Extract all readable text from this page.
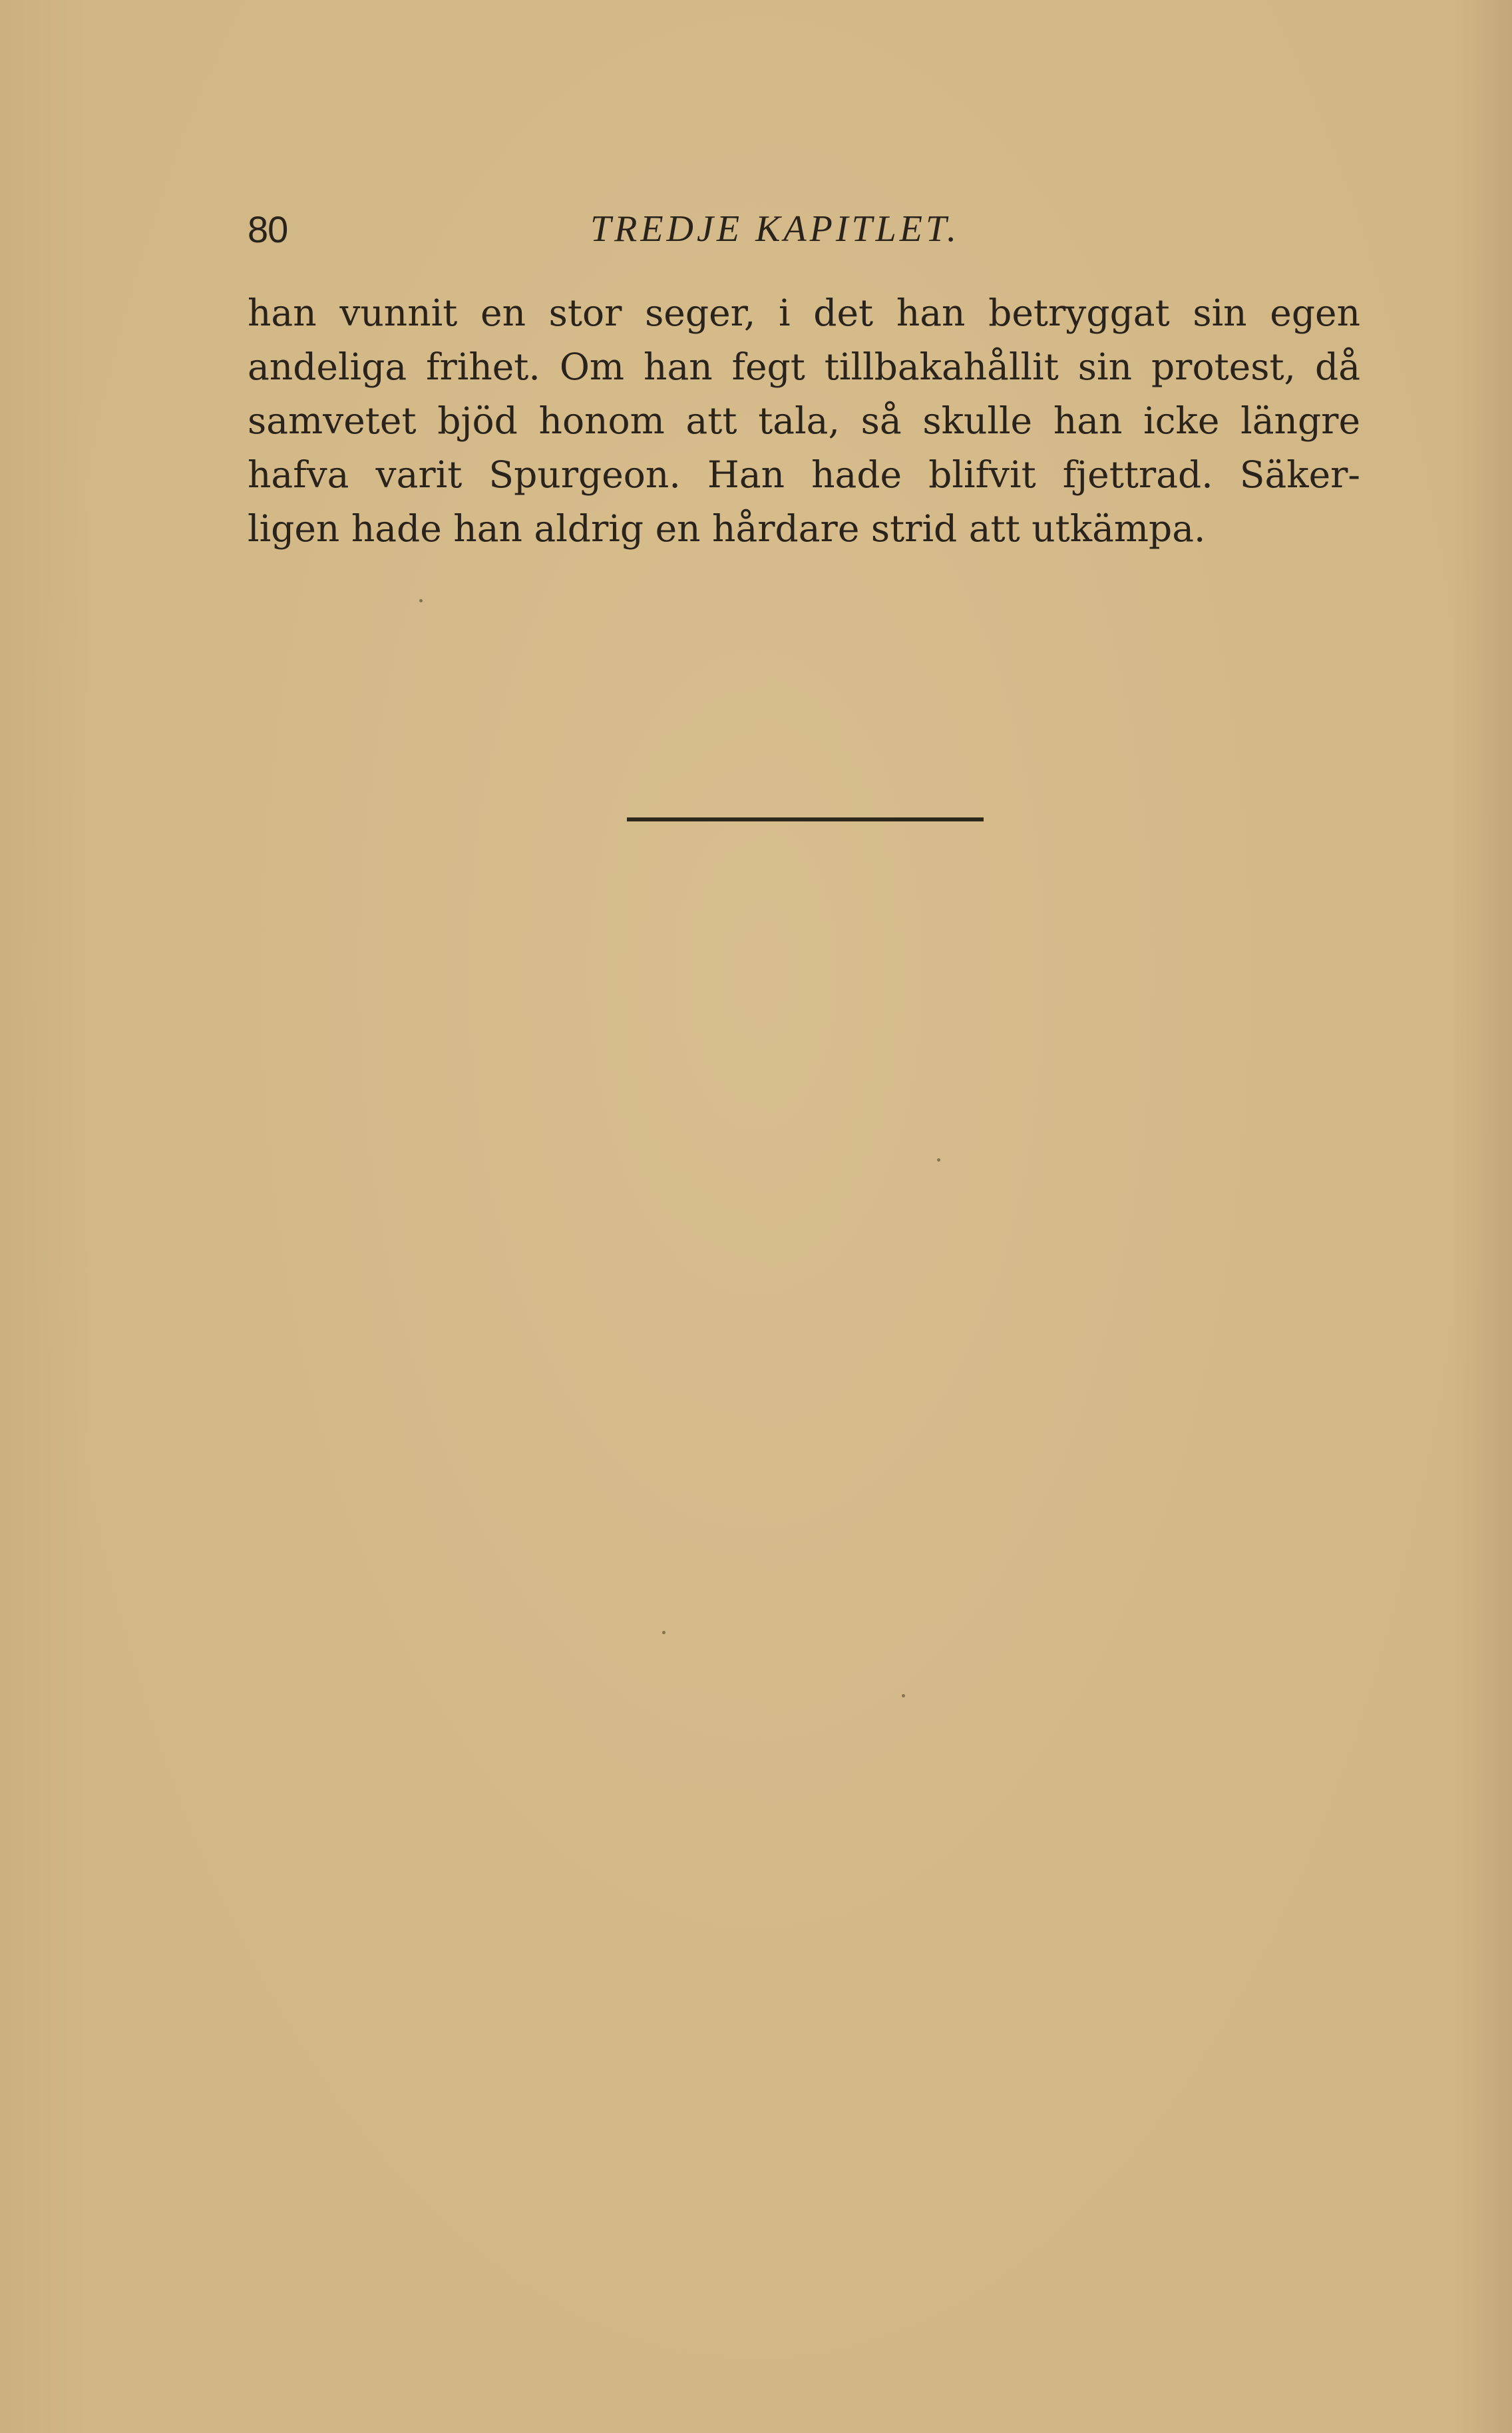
80	TREDJE KAPITLET.
han vunnit en stor seger, i det han betryggat sin egen
andeliga frihet. Om han fegt tillbakahållit sin protest, då
samvetet bjöd honom att tala, så skulle han icke längre
hafva varit Spurgeon. Han hade blifvit fjettrad. Säker-
ligen hade han aldrig en hårdare strid att utkämpa.
